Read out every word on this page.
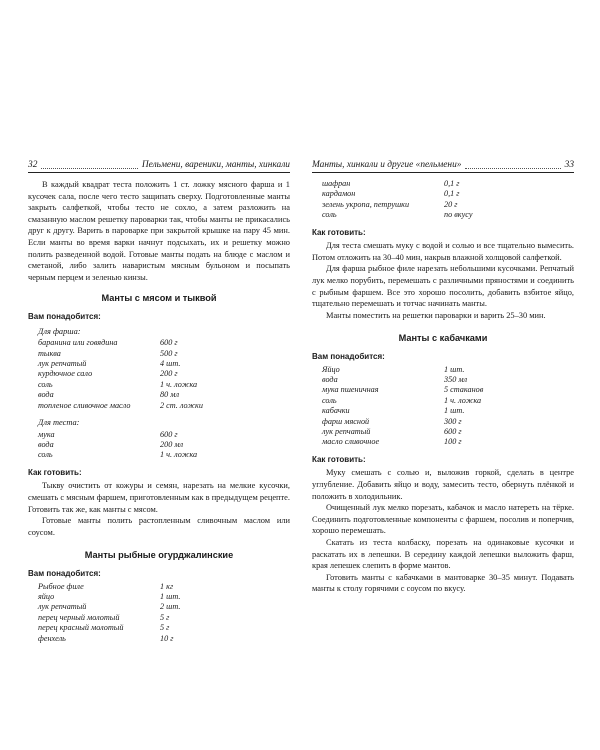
32	Пельмени, вареники, манты, хинкали

В каждый квадрат теста положить 1 ст. ложку мясного фарша и 1 кусочек сала, после чего тесто защипать сверху. Подготовленные манты закрыть салфеткой, чтобы тесто не сохло, а затем разложить на смазанную маслом решетку пароварки так, чтобы манты не прикасались друг к другу. Варить в пароварке при закрытой крышке на пару 45 мин. Если манты во время варки начнут подсыхать, их и решетку можно полить разведенной водой. Готовые манты подать на блюде с маслом и сметаной, либо залить наваристым мясным бульоном и посыпать черным перцем и зеленью кинзы.

Манты с мясом и тыквой
Вам понадобится:
Для фарша:
баранина или говядина	600 г
тыква	500 г
лук репчатый	4 шт.
курдючное сало	200 г
соль	1 ч. ложка
вода	80 мл
топленое сливочное масло	2 ст. ложки
Для теста:
мука	600 г
вода	200 мл
соль	1 ч. ложка
Как готовить:

Тыкву очистить от кожуры и семян, нарезать на мелкие кусочки, смешать с мясным фаршем, приготовленным как в предыдущем рецепте. Готовить так же, как манты с мясом.

Готовые манты полить растопленным сливочным маслом или соусом.

Манты рыбные огурджалинские
Вам понадобится:
Рыбное филе	1 кг
яйцо	1 шт.
лук репчатый	2 шт.
перец черный молотый	5 г
перец красный молотый	5 г
фенхель	10 г
Манты, хинкали и другие «пельмени»	33
шафран	0,1 г
кардамон	0,1 г
зелень укропа, петрушки	20 г
соль	по вкусу
Как готовить:

Для теста смешать муку с водой и солью и все тщательно вымесить. Потом отложить на 30–40 мин, накрыв влажной холщовой салфеткой.

Для фарша рыбное филе нарезать небольшими кусочками. Репчатый лук мелко порубить, перемешать с различными пряностями и соединить с рыбным фаршем. Все это хорошо посолить, добавить взбитое яйцо, тщательно перемешать и тотчас начинать манты.

Манты поместить на решетки пароварки и варить 25–30 мин.

Манты с кабачками
Вам понадобится:
Яйцо	1 шт.
вода	350 мл
мука пшеничная	5 стаканов
соль	1 ч. ложка
кабачки	1 шт.
фарш мясной	300 г
лук репчатый	600 г
масло сливочное	100 г
Как готовить:

Муку смешать с солью и, выложив горкой, сделать в центре углубление. Добавить яйцо и воду, замесить тесто, обернуть плёнкой и положить в холодильник.

Очищенный лук мелко порезать, кабачок и масло натереть на тёрке. Соединить подготовленные компоненты с фаршем, посолив и поперчив, хорошо перемешать.

Скатать из теста колбаску, порезать на одинаковые кусочки и раскатать их в лепешки. В середину каждой лепешки выложить фарш, края лепешек слепить в форме мантов.

Готовить манты с кабачками в мантоварке 30–35 минут. Подавать манты к столу горячими с соусом по вкусу.
